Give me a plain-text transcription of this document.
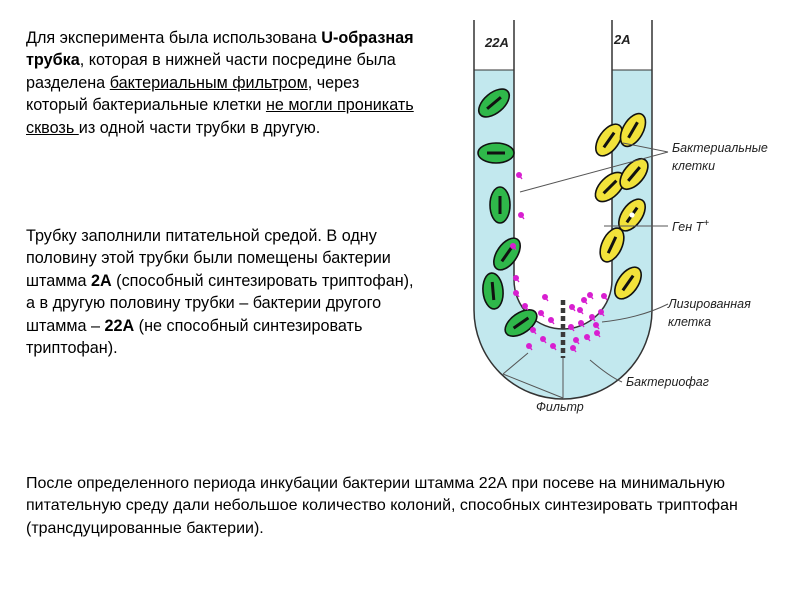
Для эксперимента была использована U-образная трубка, которая в нижней части посредине была разделена бактериальным фильтром, через который бактериальные клетки не могли проникать сквозь из одной части трубки в другую.

Трубку заполнили питательной средой. В одну половину этой трубки были помещены бактерии штамма 2A (способный синтезировать триптофан), а в другую половину трубки – бактерии другого штамма – 22A (не способный синтезировать триптофан).

После определенного периода инкубации бактерии штамма 22А при посеве на минимальную питательную среду дали небольшое количество колоний, способных синтезировать триптофан (трансдуцированные бактерии).

22A	2A
Бактериальные
клетки
Ген T+
Лизированная
клетка
Бактериофаг
Фильтр
